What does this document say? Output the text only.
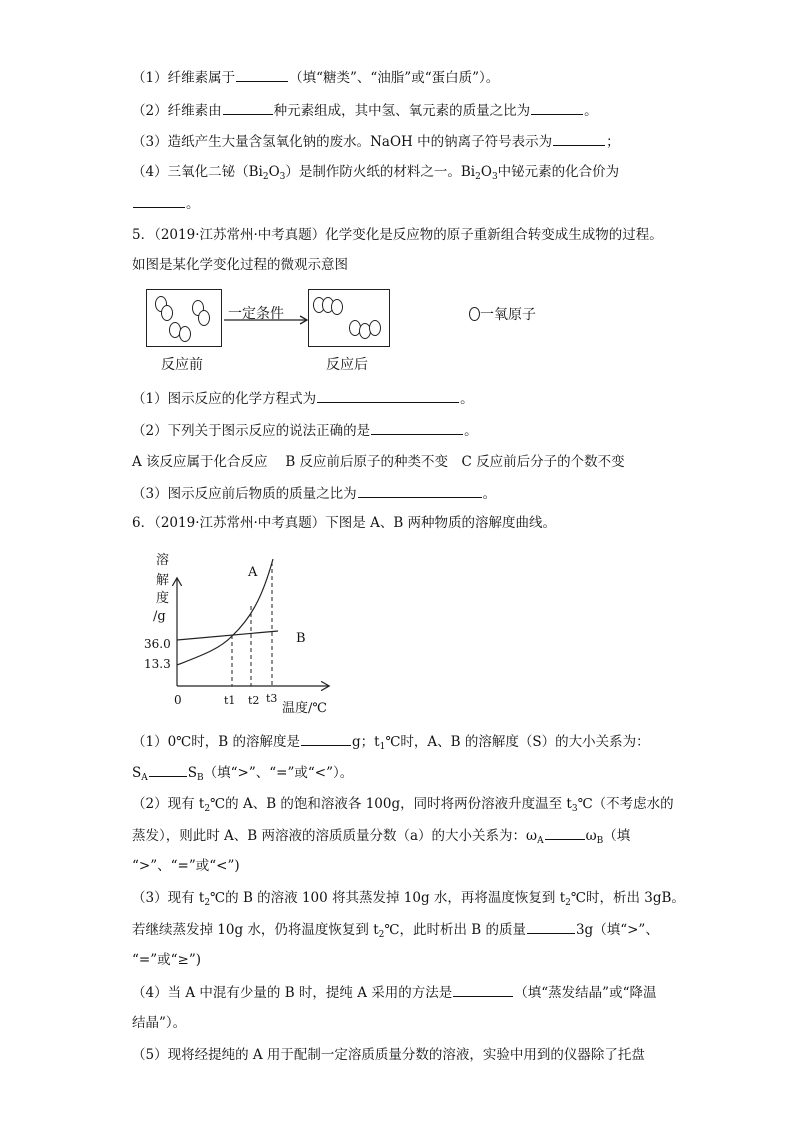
（1）纤维素属于	（填“糖类”、“油脂”或“蛋白质”）。
（2）纤维素由	种元素组成，其中氢、氧元素的质量之比为	。
（3）造纸产生大量含氢氧化钠的废水。NaOH 中的钠离子符号表示为	；
（4）三氧化二铋$(Bi_2O_3)$是制作防火纸的材料之一。$Bi_2O_3$中铋元素的化合价为
。
5．（2019·江苏常州·中考真题）化学变化是反应物的原子重新组合转变成生成物的过程。
如图是某化学变化过程的微观示意图
一定条件	一氧原子
反应前	反应后
（1）图示反应的化学方程式为	。
（2）下列关于图示反应的说法正确的是	。
A 该反应属于化合反应　 B 反应前后原子的种类不变　C 反应前后分子的个数不变
（3）图示反应前后物质的质量之比为	。
6．（2019·江苏常州·中考真题）下图是 A、B 两种物质的溶解度曲线。
溶
解
度
/g
36.0
13.3
0	t1 t2 t3
温度/℃
A
B
（1）0℃时，B 的溶解度是	g；$t_1℃$时，A、B 的溶解度（S）的大小关系为：
$S_A$	$S_B$（填“>”、“=”或“<”）。
（2）现有 $t_2℃$的 A、B 的饱和溶液各 100g，同时将两份溶液升度温至 $t_3℃$（不考虑水的
蒸发），则此时 A、B 两溶液的溶质质量分数（a）的大小关系为：$\omega_A$	$\omega_B$（填
“>”、“=”或“<”)
（3）现有 $t_2℃$的 B 的溶液 100 将其蒸发掉 10g 水，再将温度恢复到 $t_2℃$时，析出 3gB。
若继续蒸发掉 10g 水，仍将温度恢复到 $t_2℃$，此时析出 B 的质量	3g（填“>”、
“=”或“≥”)
（4）当 A 中混有少量的 B 时，提纯 A 采用的方法是	（填“蒸发结晶”或“降温
结晶”）。
（5）现将经提纯的 A 用于配制一定溶质质量分数的溶液，实验中用到的仪器除了托盘
